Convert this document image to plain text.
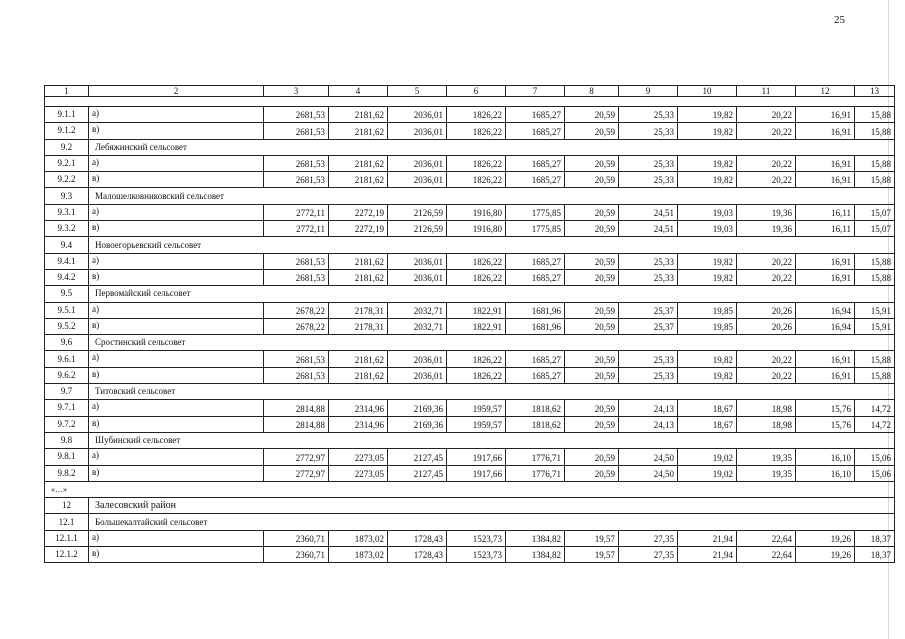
25
1	2	3	4	5	6	7	8	9	10	11	12	13

9.1.1	а)	2681,53	2181,62	2036,01	1826,22	1685,27	20,59	25,33	19,82	20,22	16,91	15,88
9.1.2	в)	2681,53	2181,62	2036,01	1826,22	1685,27	20,59	25,33	19,82	20,22	16,91	15,88
9.2	Лебяжинский сельсовет											
9.2.1	а)	2681,53	2181,62	2036,01	1826,22	1685,27	20,59	25,33	19,82	20,22	16,91	15,88
9.2.2	в)	2681,53	2181,62	2036,01	1826,22	1685,27	20,59	25,33	19,82	20,22	16,91	15,88
9.3	Малошелковниковский сельсовет											
9.3.1	а)	2772,11	2272,19	2126,59	1916,80	1775,85	20,59	24,51	19,03	19,36	16,11	15,07
9.3.2	в)	2772,11	2272,19	2126,59	1916,80	1775,85	20,59	24,51	19,03	19,36	16,11	15,07
9.4	Новоегорьевский сельсовет											
9.4.1	а)	2681,53	2181,62	2036,01	1826,22	1685,27	20,59	25,33	19,82	20,22	16,91	15,88
9.4.2	в)	2681,53	2181,62	2036,01	1826,22	1685,27	20,59	25,33	19,82	20,22	16,91	15,88
9.5	Первомайский сельсовет											
9.5.1	а)	2678,22	2178,31	2032,71	1822,91	1681,96	20,59	25,37	19,85	20,26	16,94	15,91
9.5.2	в)	2678,22	2178,31	2032,71	1822,91	1681,96	20,59	25,37	19,85	20,26	16,94	15,91
9.6	Сростинский сельсовет											
9.6.1	а)	2681,53	2181,62	2036,01	1826,22	1685,27	20,59	25,33	19,82	20,22	16,91	15,88
9.6.2	в)	2681,53	2181,62	2036,01	1826,22	1685,27	20,59	25,33	19,82	20,22	16,91	15,88
9.7	Титовский сельсовет											
9.7.1	а)	2814,88	2314,96	2169,36	1959,57	1818,62	20,59	24,13	18,67	18,98	15,76	14,72
9.7.2	в)	2814,88	2314,96	2169,36	1959,57	1818,62	20,59	24,13	18,67	18,98	15,76	14,72
9.8	Шубинский сельсовет											
9.8.1	а)	2772,97	2273,05	2127,45	1917,66	1776,71	20,59	24,50	19,02	19,35	16,10	15,06
9.8.2	в)	2772,97	2273,05	2127,45	1917,66	1776,71	20,59	24,50	19,02	19,35	16,10	15,06
«…»												
12	Залесовский район											
12.1	Большекалтайский сельсовет											
12.1.1	а)	2360,71	1873,02	1728,43	1523,73	1384,82	19,57	27,35	21,94	22,64	19,26	18,37
12.1.2	в)	2360,71	1873,02	1728,43	1523,73	1384,82	19,57	27,35	21,94	22,64	19,26	18,37
